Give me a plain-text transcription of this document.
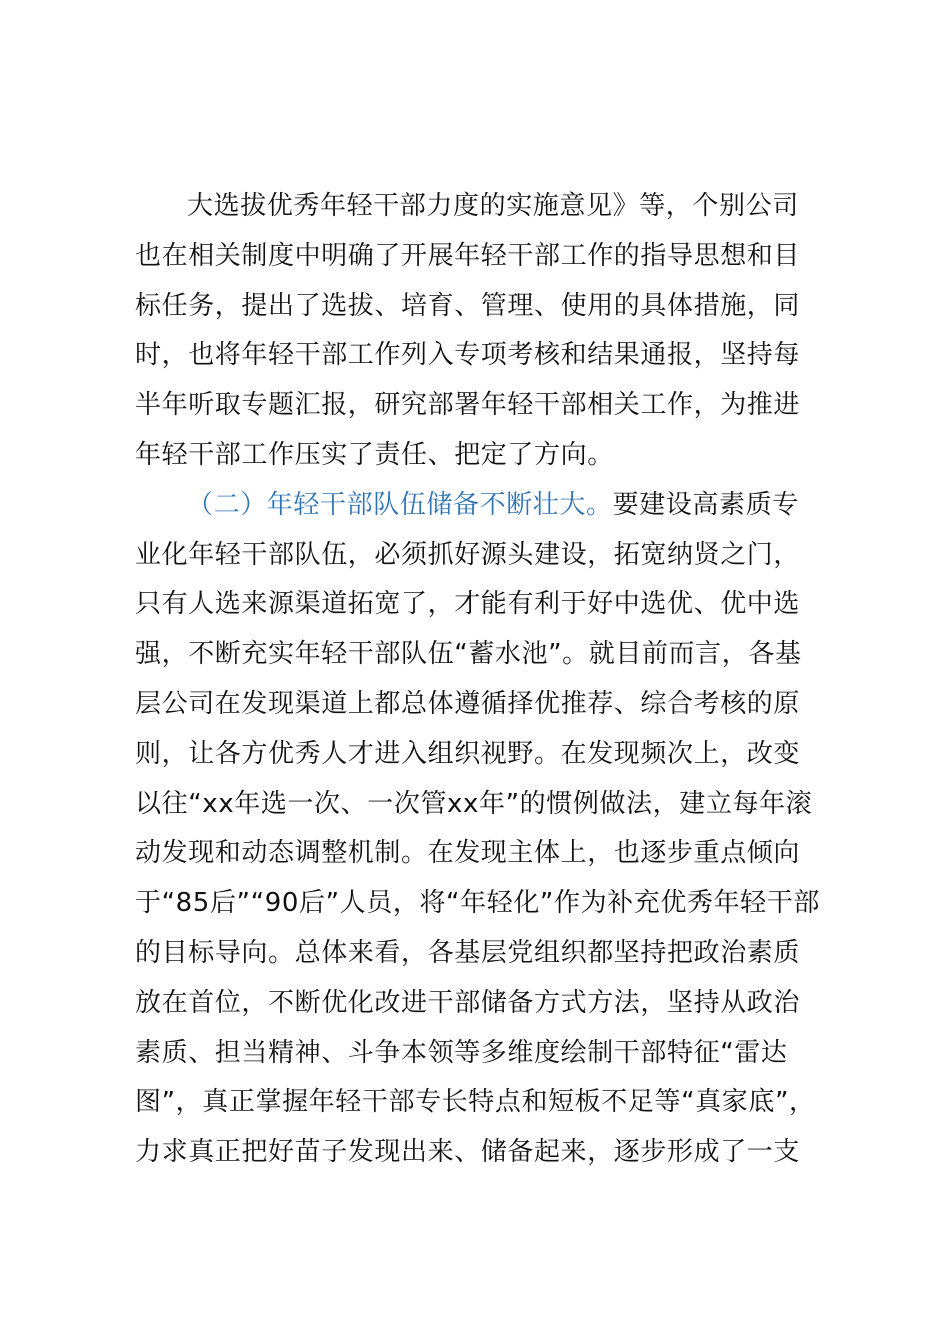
大选拔优秀年轻干部力度的实施意见》等，个别公司
也在相关制度中明确了开展年轻干部工作的指导思想和目
标任务，提出了选拔、培育、管理、使用的具体措施，同
时，也将年轻干部工作列入专项考核和结果通报，坚持每
半年听取专题汇报，研究部署年轻干部相关工作，为推进
年轻干部工作压实了责任、把定了方向。
（二）年轻干部队伍储备不断壮大。要建设高素质专
业化年轻干部队伍，必须抓好源头建设，拓宽纳贤之门，
只有人选来源渠道拓宽了，才能有利于好中选优、优中选
强，不断充实年轻干部队伍“蓄水池”。就目前而言，各基
层公司在发现渠道上都总体遵循择优推荐、综合考核的原
则，让各方优秀人才进入组织视野。在发现频次上，改变
以往“xx年选一次、一次管xx年”的惯例做法，建立每年滚
动发现和动态调整机制。在发现主体上，也逐步重点倾向
于“85后”“90后”人员，将“年轻化”作为补充优秀年轻干部
的目标导向。总体来看，各基层党组织都坚持把政治素质
放在首位，不断优化改进干部储备方式方法，坚持从政治
素质、担当精神、斗争本领等多维度绘制干部特征“雷达
图”，真正掌握年轻干部专长特点和短板不足等“真家底”，
力求真正把好苗子发现出来、储备起来，逐步形成了一支
